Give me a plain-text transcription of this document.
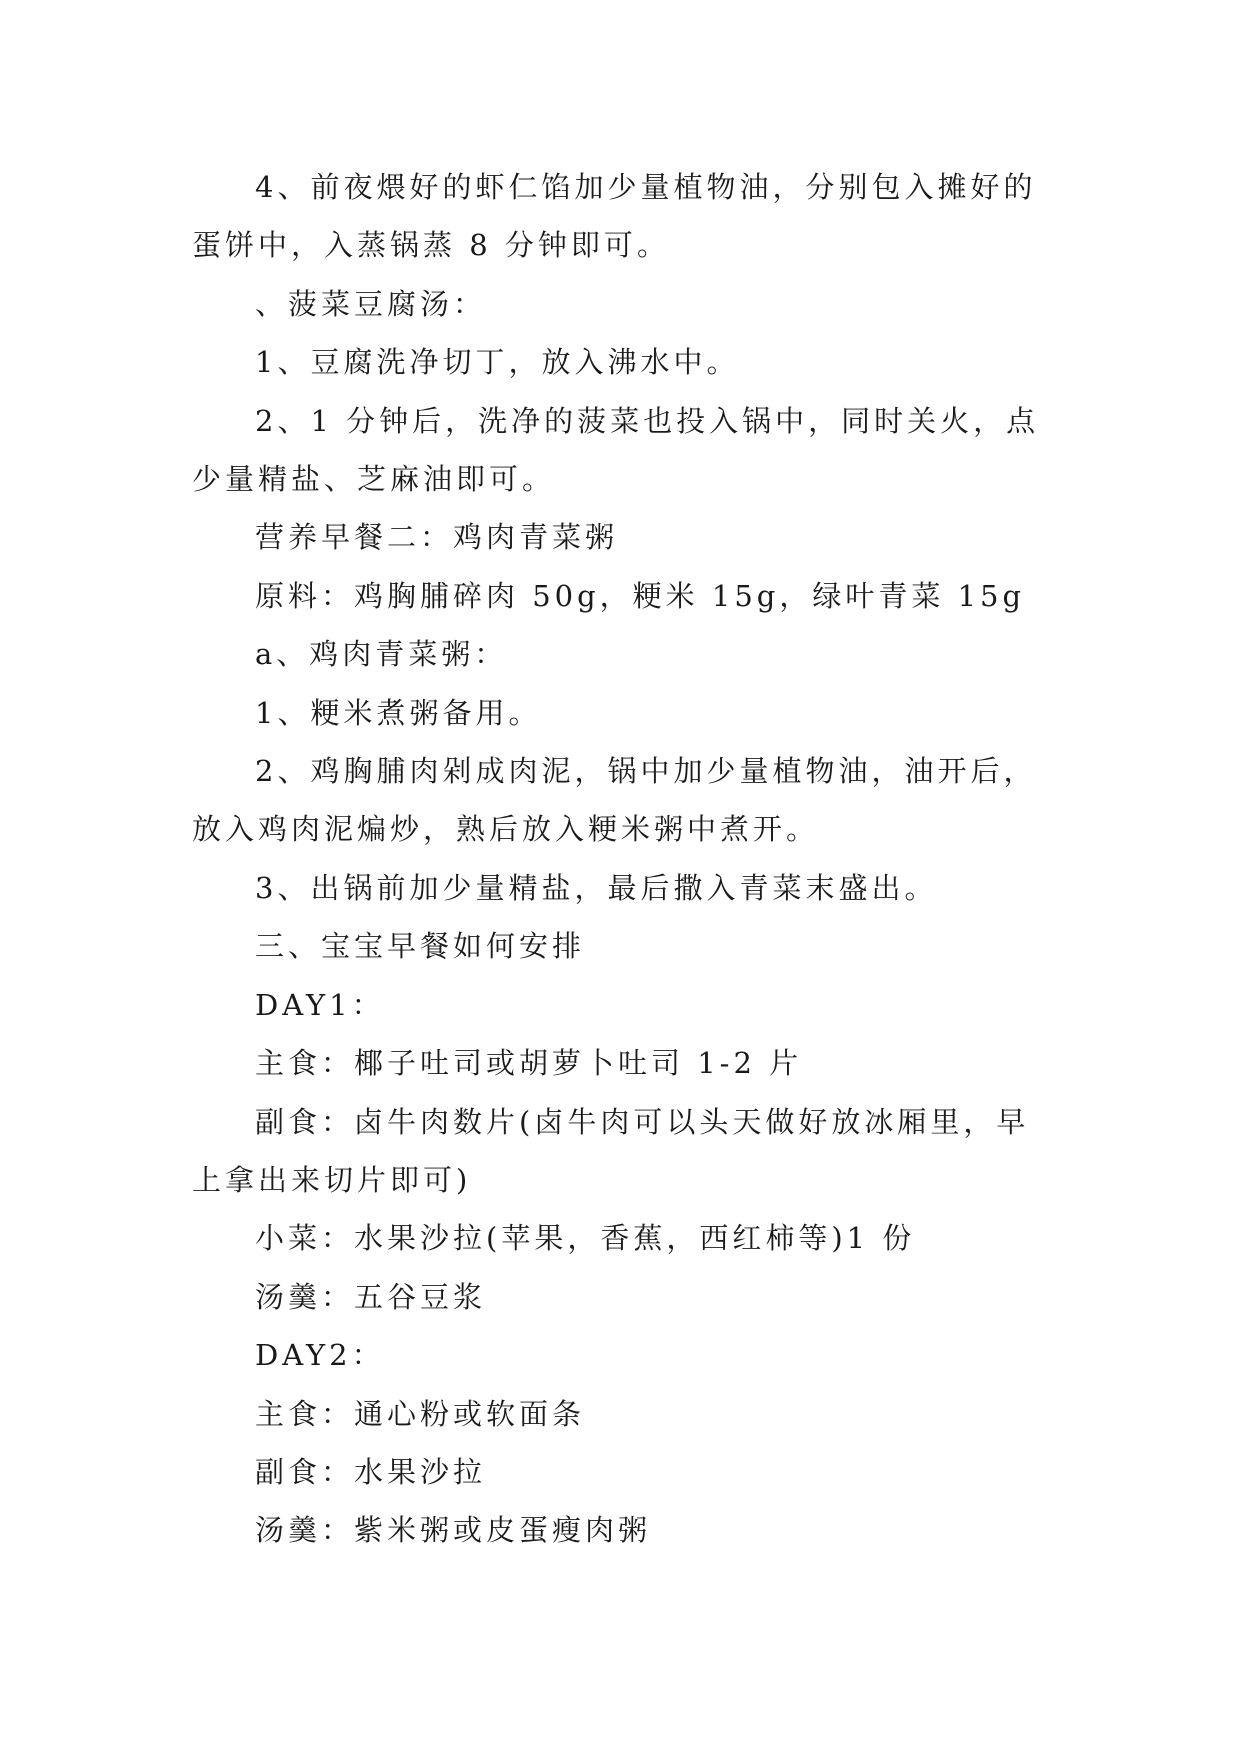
4、前夜煨好的虾仁馅加少量植物油，分别包入摊好的蛋饼中，入蒸锅蒸 8 分钟即可。

、菠菜豆腐汤：

1、豆腐洗净切丁，放入沸水中。

2、1 分钟后，洗净的菠菜也投入锅中，同时关火，点少量精盐、芝麻油即可。

营养早餐二：鸡肉青菜粥

原料：鸡胸脯碎肉 50g，粳米 15g，绿叶青菜 15g

a、鸡肉青菜粥：

1、粳米煮粥备用。

2、鸡胸脯肉剁成肉泥，锅中加少量植物油，油开后，放入鸡肉泥煸炒，熟后放入粳米粥中煮开。

3、出锅前加少量精盐，最后撒入青菜末盛出。

三、宝宝早餐如何安排

DAY1：

主食：椰子吐司或胡萝卜吐司 1-2 片

副食：卤牛肉数片(卤牛肉可以头天做好放冰厢里，早上拿出来切片即可)

小菜：水果沙拉(苹果，香蕉，西红柿等)1 份

汤羹：五谷豆浆

DAY2：

主食：通心粉或软面条

副食：水果沙拉

汤羹：紫米粥或皮蛋瘦肉粥
